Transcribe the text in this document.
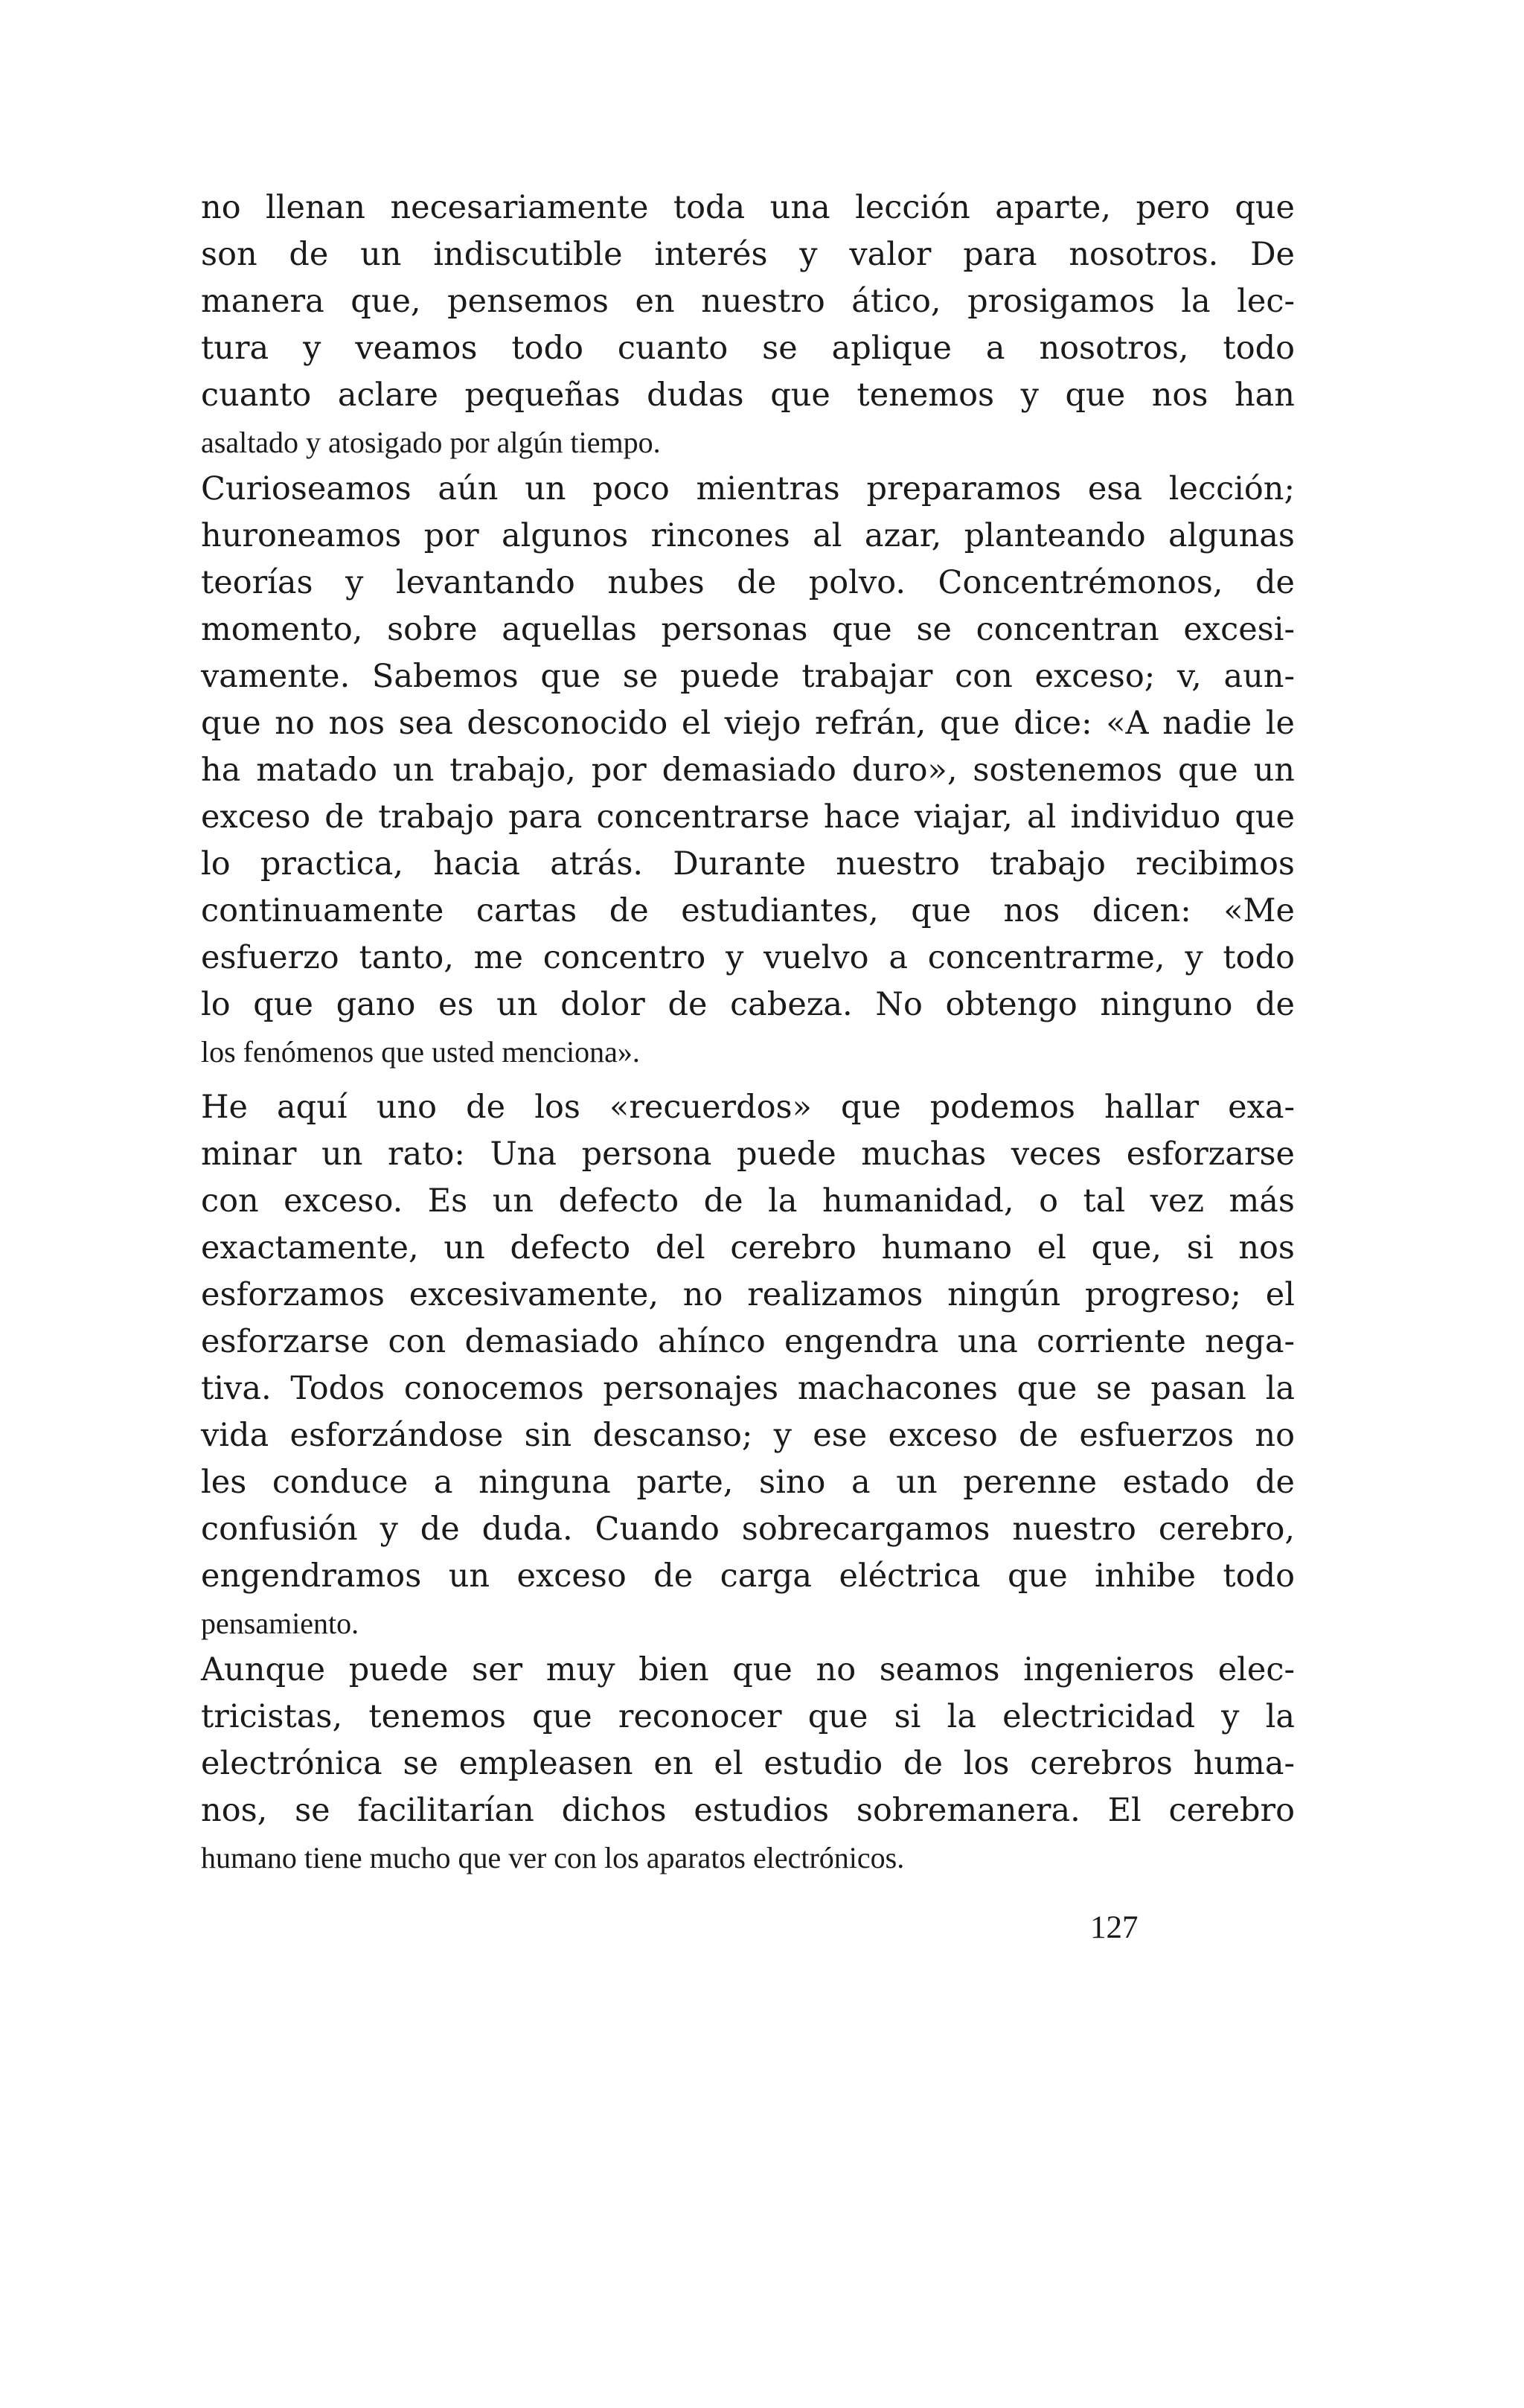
no llenan necesariamente toda una lección aparte, pero que
son de un indiscutible interés y valor para nosotros. De
manera que, pensemos en nuestro ático, prosigamos la lec-
tura y veamos todo cuanto se aplique a nosotros, todo
cuanto aclare pequeñas dudas que tenemos y que nos han
asaltado y atosigado por algún tiempo.
Curioseamos aún un poco mientras preparamos esa lección;
huroneamos por algunos rincones al azar, planteando algunas
teorías y levantando nubes de polvo. Concentrémonos, de
momento, sobre aquellas personas que se concentran excesi-
vamente. Sabemos que se puede trabajar con exceso; v, aun-
que no nos sea desconocido el viejo refrán, que dice: «A nadie le
ha matado un trabajo, por demasiado duro», sostenemos que un
exceso de trabajo para concentrarse hace viajar, al individuo que
lo practica, hacia atrás. Durante nuestro trabajo recibimos
continuamente cartas de estudiantes, que nos dicen: «Me
esfuerzo tanto, me concentro y vuelvo a concentrarme, y todo
lo que gano es un dolor de cabeza. No obtengo ninguno de
los fenómenos que usted menciona».
He aquí uno de los «recuerdos» que podemos hallar exa-
minar un rato: Una persona puede muchas veces esforzarse
con exceso. Es un defecto de la humanidad, o tal vez más
exactamente, un defecto del cerebro humano el que, si nos
esforzamos excesivamente, no realizamos ningún progreso; el
esforzarse con demasiado ahínco engendra una corriente nega-
tiva. Todos conocemos personajes machacones que se pasan la
vida esforzándose sin descanso; y ese exceso de esfuerzos no
les conduce a ninguna parte, sino a un perenne estado de
confusión y de duda. Cuando sobrecargamos nuestro cerebro,
engendramos un exceso de carga eléctrica que inhibe todo
pensamiento.
Aunque puede ser muy bien que no seamos ingenieros elec-
tricistas, tenemos que reconocer que si la electricidad y la
electrónica se empleasen en el estudio de los cerebros huma-
nos, se facilitarían dichos estudios sobremanera. El cerebro
humano tiene mucho que ver con los aparatos electrónicos.
127
